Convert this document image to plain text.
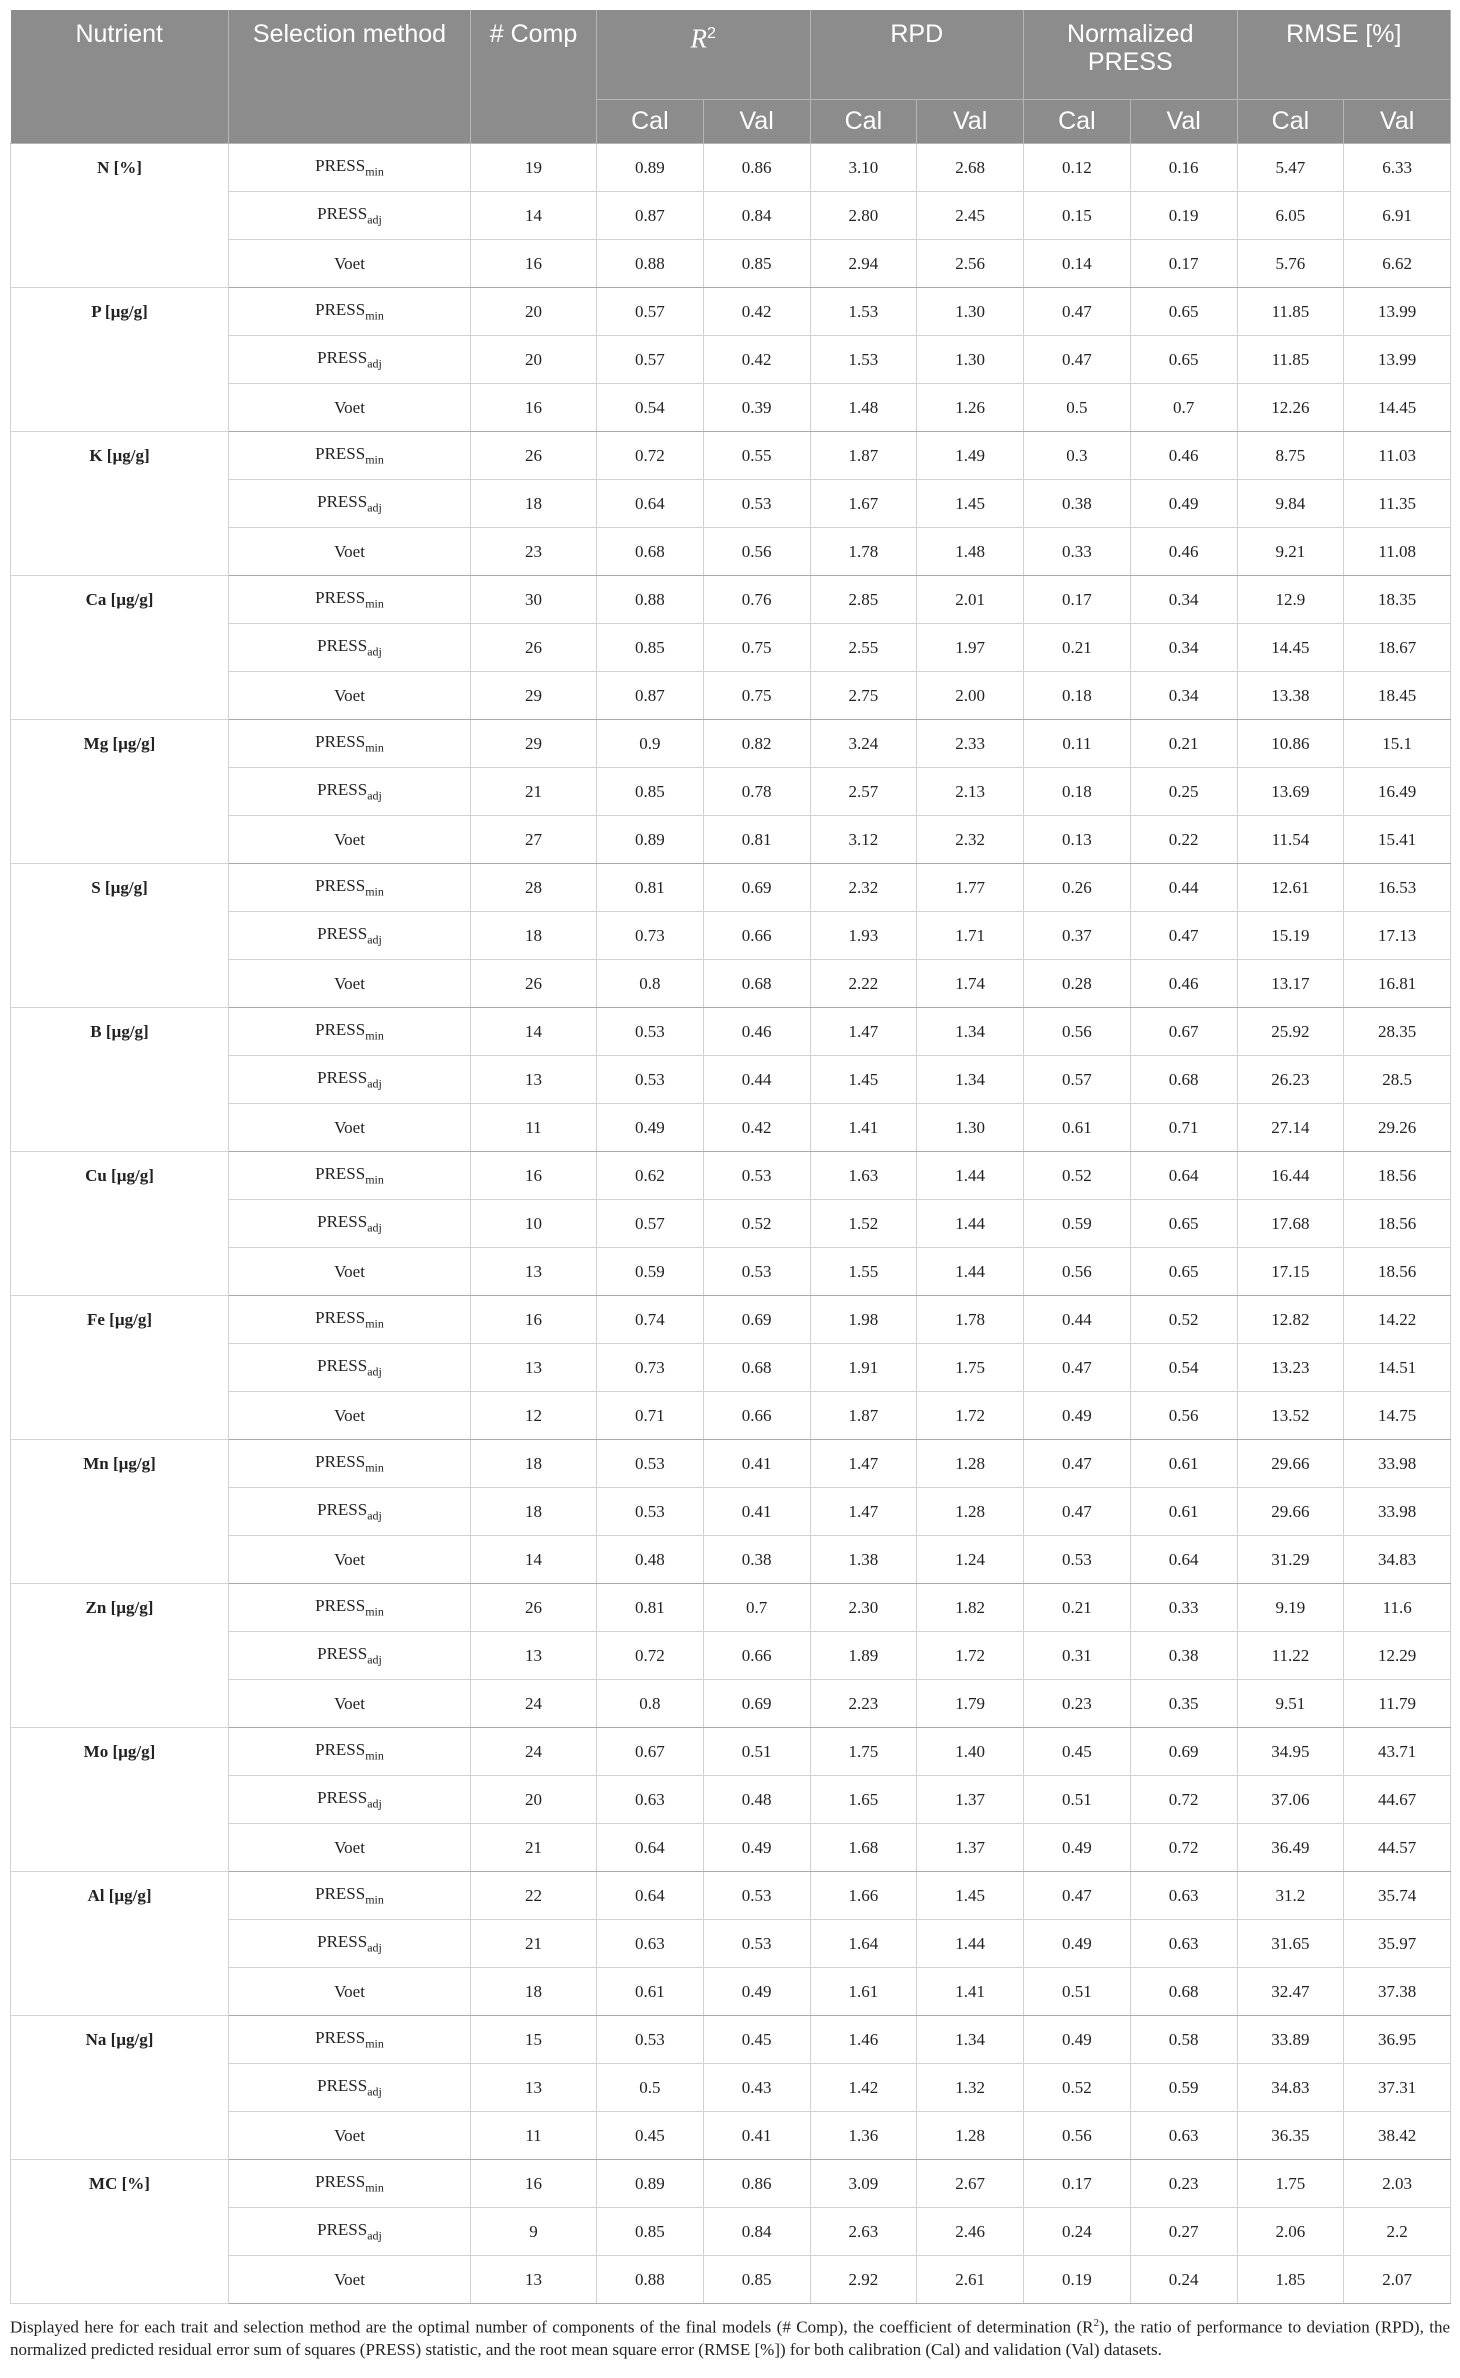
Nutrient	Selection method	# Comp	$R^2$		RPD		Normalized PRESS		RMSE [%]	
			Cal	Val	Cal	Val	Cal	Val	Cal	Val
N [%]	$PRESS_{min}$	19	0.89	0.86	3.10	2.68	0.12	0.16	5.47	6.33
	$PRESS_{adj}$	14	0.87	0.84	2.80	2.45	0.15	0.19	6.05	6.91
	Voet	16	0.88	0.85	2.94	2.56	0.14	0.17	5.76	6.62
P [µg/g]	$PRESS_{min}$	20	0.57	0.42	1.53	1.30	0.47	0.65	11.85	13.99
	$PRESS_{adj}$	20	0.57	0.42	1.53	1.30	0.47	0.65	11.85	13.99
	Voet	16	0.54	0.39	1.48	1.26	0.5	0.7	12.26	14.45
K [µg/g]	$PRESS_{min}$	26	0.72	0.55	1.87	1.49	0.3	0.46	8.75	11.03
	$PRESS_{adj}$	18	0.64	0.53	1.67	1.45	0.38	0.49	9.84	11.35
	Voet	23	0.68	0.56	1.78	1.48	0.33	0.46	9.21	11.08
Ca [µg/g]	$PRESS_{min}$	30	0.88	0.76	2.85	2.01	0.17	0.34	12.9	18.35
	$PRESS_{adj}$	26	0.85	0.75	2.55	1.97	0.21	0.34	14.45	18.67
	Voet	29	0.87	0.75	2.75	2.00	0.18	0.34	13.38	18.45
Mg [µg/g]	$PRESS_{min}$	29	0.9	0.82	3.24	2.33	0.11	0.21	10.86	15.1
	$PRESS_{adj}$	21	0.85	0.78	2.57	2.13	0.18	0.25	13.69	16.49
	Voet	27	0.89	0.81	3.12	2.32	0.13	0.22	11.54	15.41
S [µg/g]	$PRESS_{min}$	28	0.81	0.69	2.32	1.77	0.26	0.44	12.61	16.53
	$PRESS_{adj}$	18	0.73	0.66	1.93	1.71	0.37	0.47	15.19	17.13
	Voet	26	0.8	0.68	2.22	1.74	0.28	0.46	13.17	16.81
B [µg/g]	$PRESS_{min}$	14	0.53	0.46	1.47	1.34	0.56	0.67	25.92	28.35
	$PRESS_{adj}$	13	0.53	0.44	1.45	1.34	0.57	0.68	26.23	28.5
	Voet	11	0.49	0.42	1.41	1.30	0.61	0.71	27.14	29.26
Cu [µg/g]	$PRESS_{min}$	16	0.62	0.53	1.63	1.44	0.52	0.64	16.44	18.56
	$PRESS_{adj}$	10	0.57	0.52	1.52	1.44	0.59	0.65	17.68	18.56
	Voet	13	0.59	0.53	1.55	1.44	0.56	0.65	17.15	18.56
Fe [µg/g]	$PRESS_{min}$	16	0.74	0.69	1.98	1.78	0.44	0.52	12.82	14.22
	$PRESS_{adj}$	13	0.73	0.68	1.91	1.75	0.47	0.54	13.23	14.51
	Voet	12	0.71	0.66	1.87	1.72	0.49	0.56	13.52	14.75
Mn [µg/g]	$PRESS_{min}$	18	0.53	0.41	1.47	1.28	0.47	0.61	29.66	33.98
	$PRESS_{adj}$	18	0.53	0.41	1.47	1.28	0.47	0.61	29.66	33.98
	Voet	14	0.48	0.38	1.38	1.24	0.53	0.64	31.29	34.83
Zn [µg/g]	$PRESS_{min}$	26	0.81	0.7	2.30	1.82	0.21	0.33	9.19	11.6
	$PRESS_{adj}$	13	0.72	0.66	1.89	1.72	0.31	0.38	11.22	12.29
	Voet	24	0.8	0.69	2.23	1.79	0.23	0.35	9.51	11.79
Mo [µg/g]	$PRESS_{min}$	24	0.67	0.51	1.75	1.40	0.45	0.69	34.95	43.71
	$PRESS_{adj}$	20	0.63	0.48	1.65	1.37	0.51	0.72	37.06	44.67
	Voet	21	0.64	0.49	1.68	1.37	0.49	0.72	36.49	44.57
Al [µg/g]	$PRESS_{min}$	22	0.64	0.53	1.66	1.45	0.47	0.63	31.2	35.74
	$PRESS_{adj}$	21	0.63	0.53	1.64	1.44	0.49	0.63	31.65	35.97
	Voet	18	0.61	0.49	1.61	1.41	0.51	0.68	32.47	37.38
Na [µg/g]	$PRESS_{min}$	15	0.53	0.45	1.46	1.34	0.49	0.58	33.89	36.95
	$PRESS_{adj}$	13	0.5	0.43	1.42	1.32	0.52	0.59	34.83	37.31
	Voet	11	0.45	0.41	1.36	1.28	0.56	0.63	36.35	38.42
MC [%]	$PRESS_{min}$	16	0.89	0.86	3.09	2.67	0.17	0.23	1.75	2.03
	$PRESS_{adj}$	9	0.85	0.84	2.63	2.46	0.24	0.27	2.06	2.2
	Voet	13	0.88	0.85	2.92	2.61	0.19	0.24	1.85	2.07

Displayed here for each trait and selection method are the optimal number of components of the final models (# Comp), the coefficient of determination $(R^2)$, the ratio of performance to deviation (RPD), the normalized predicted residual error sum of squares (PRESS) statistic, and the root mean square error (RMSE [%]) for both calibration (Cal) and validation (Val) datasets.
